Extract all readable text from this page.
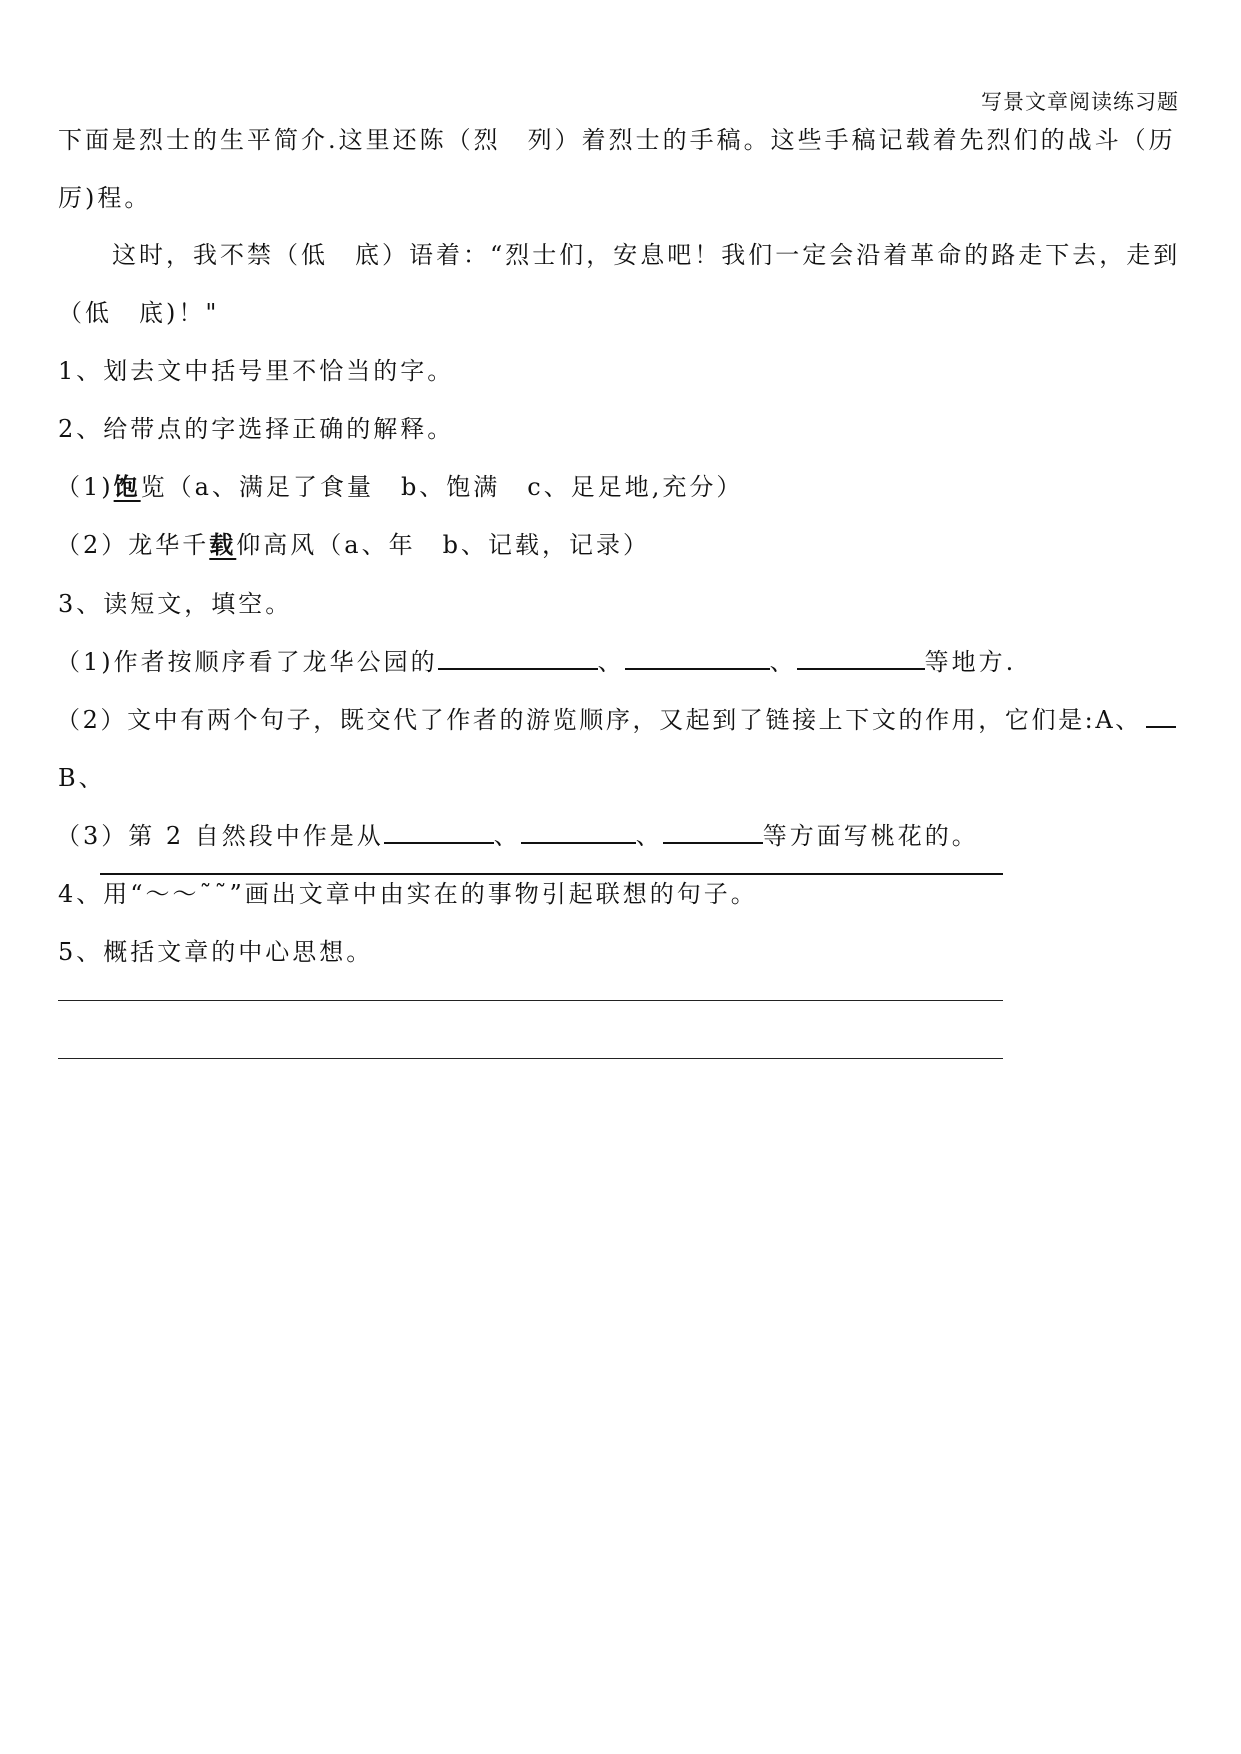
写景文章阅读练习题
下面是烈士的生平简介.这里还陈（烈　列）着烈士的手稿。这些手稿记载着先烈们的战斗（历
厉)程。
　　这时，我不禁（低　底）语着：“烈士们，安息吧！我们一定会沿着革命的路走下去，走到
（低　底)！"
1、划去文中括号里不恰当的字。
2、给带点的字选择正确的解释。
（1)饱览（a、满足了食量　b、饱满　c、足足地,充分）
（2）龙华千载仰高风（a、年　b、记载，记录）
3、读短文，填空。
（1)作者按顺序看了龙华公园的	、	、	等地方.
（2）文中有两个句子，既交代了作者的游览顺序，又起到了链接上下文的作用，它们是:A、
B、
（3）第 2 自然段中作是从	、	、	等方面写桃花的。
4、用“～～˜˜”画出文章中由实在的事物引起联想的句子。
5、概括文章的中心思想。
